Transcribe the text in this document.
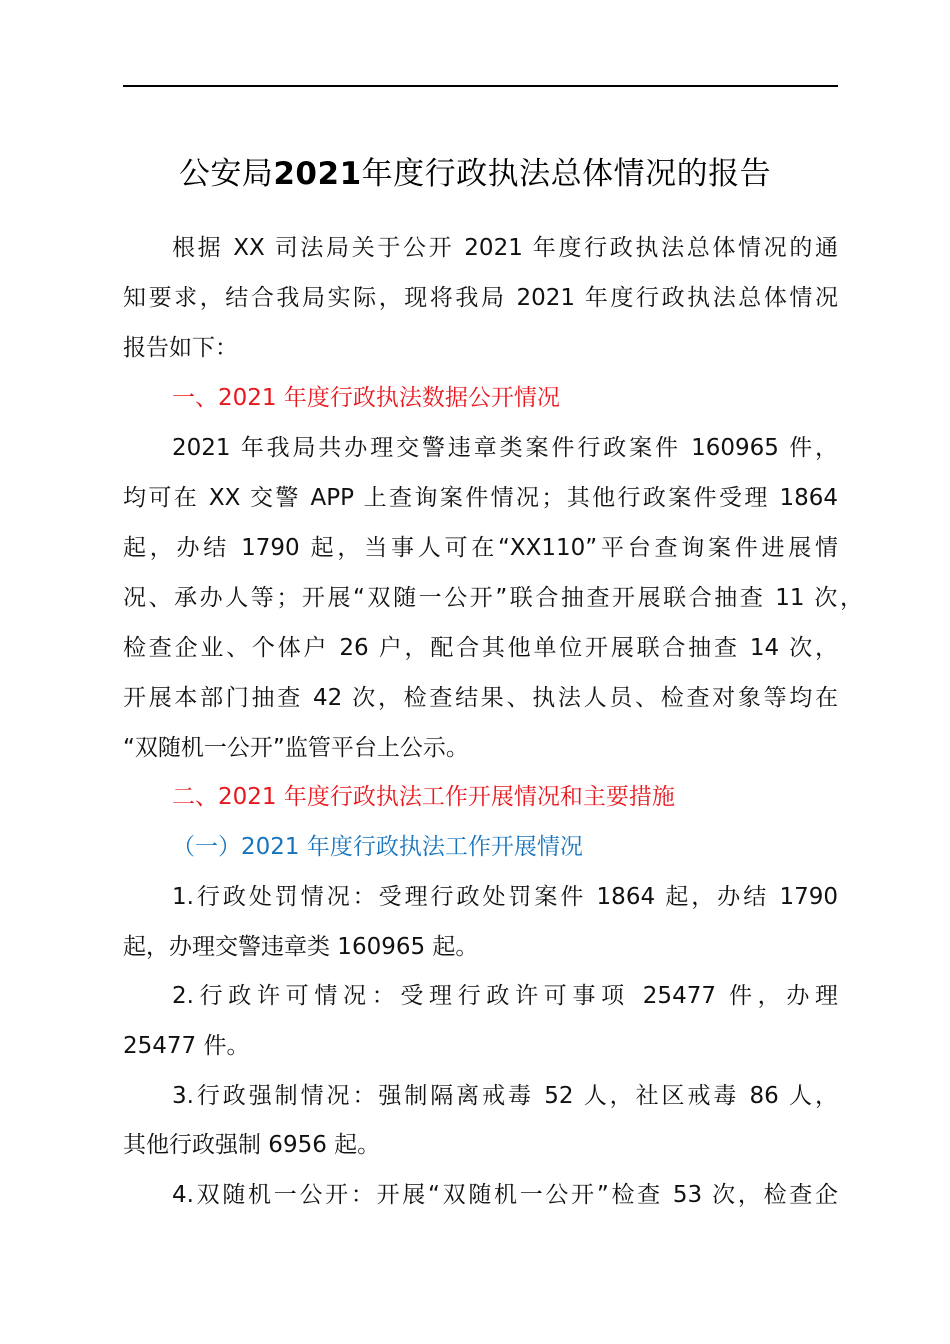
公安局2021年度行政执法总体情况的报告
根据 XX 司法局关于公开 2021 年度行政执法总体情况的通
知要求，结合我局实际，现将我局 2021 年度行政执法总体情况
报告如下：
一、2021 年度行政执法数据公开情况
2021 年我局共办理交警违章类案件行政案件 160965 件，
均可在 XX 交警 APP 上查询案件情况；其他行政案件受理 1864
起，办结 1790 起，当事人可在“XX110”平台查询案件进展情
况、承办人等；开展“双随一公开”联合抽查开展联合抽查 11 次，
检查企业、个体户 26 户，配合其他单位开展联合抽查 14 次，
开展本部门抽查 42 次，检查结果、执法人员、检查对象等均在
“双随机一公开”监管平台上公示。
二、2021 年度行政执法工作开展情况和主要措施
（一）2021 年度行政执法工作开展情况
1.行政处罚情况：受理行政处罚案件 1864 起，办结 1790
起，办理交警违章类 160965 起。
2.行政许可情况：受理行政许可事项 25477 件，办理
25477 件。
3.行政强制情况：强制隔离戒毒 52 人，社区戒毒 86 人，
其他行政强制 6956 起。
4.双随机一公开：开展“双随机一公开”检查 53 次，检查企
